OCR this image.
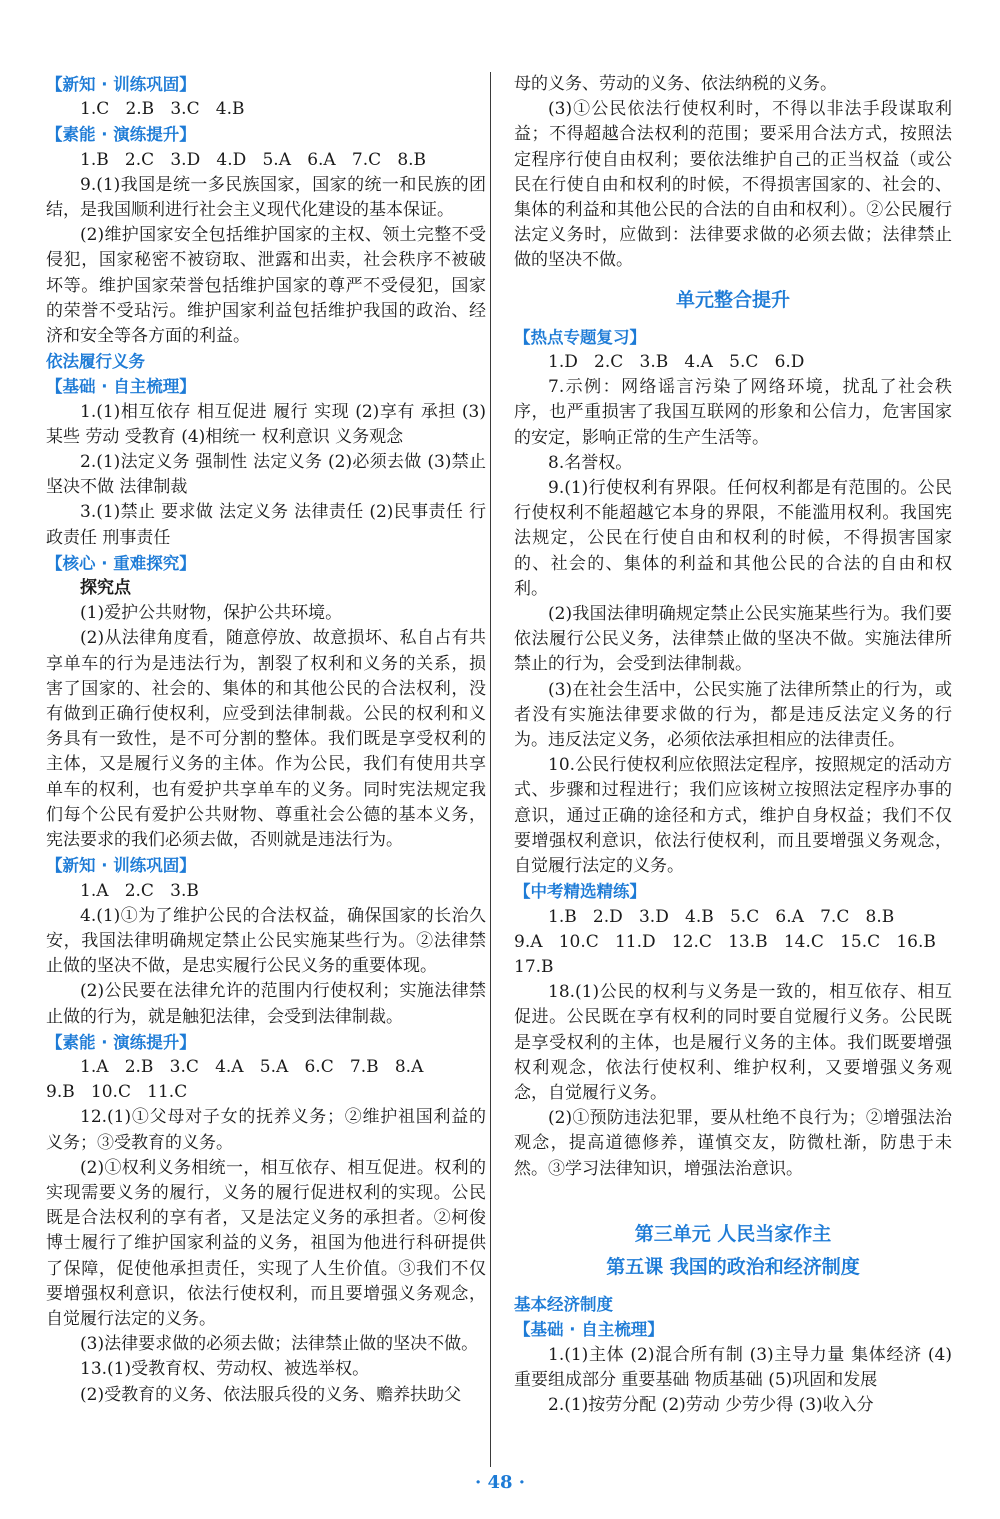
【新知 · 训练巩固】
1.C   2.B   3.C   4.B
【素能 · 演练提升】
1.B   2.C   3.D   4.D   5.A   6.A   7.C   8.B
9.(1)我国是统一多民族国家，国家的统一和民族的团结，是我国顺利进行社会主义现代化建设的基本保证。
(2)维护国家安全包括维护国家的主权、领土完整不受侵犯，国家秘密不被窃取、泄露和出卖，社会秩序不被破坏等。维护国家荣誉包括维护国家的尊严不受侵犯，国家的荣誉不受玷污。维护国家利益包括维护我国的政治、经济和安全等各方面的利益。
依法履行义务
【基础 · 自主梳理】
1.(1)相互依存 相互促进 履行 实现 (2)享有 承担 (3)某些 劳动 受教育 (4)相统一 权利意识 义务观念
2.(1)法定义务 强制性 法定义务 (2)必须去做 (3)禁止 坚决不做 法律制裁
3.(1)禁止 要求做 法定义务 法律责任 (2)民事责任 行政责任 刑事责任
【核心 · 重难探究】
探究点
(1)爱护公共财物，保护公共环境。
(2)从法律角度看，随意停放、故意损坏、私自占有共享单车的行为是违法行为，割裂了权利和义务的关系，损害了国家的、社会的、集体的和其他公民的合法权利，没有做到正确行使权利，应受到法律制裁。公民的权利和义务具有一致性，是不可分割的整体。我们既是享受权利的主体，又是履行义务的主体。作为公民，我们有使用共享单车的权利，也有爱护共享单车的义务。同时宪法规定我们每个公民有爱护公共财物、尊重社会公德的基本义务，宪法要求的我们必须去做，否则就是违法行为。
【新知 · 训练巩固】
1.A   2.C   3.B
4.(1)①为了维护公民的合法权益，确保国家的长治久安，我国法律明确规定禁止公民实施某些行为。②法律禁止做的坚决不做，是忠实履行公民义务的重要体现。
(2)公民要在法律允许的范围内行使权利；实施法律禁止做的行为，就是触犯法律，会受到法律制裁。
【素能 · 演练提升】
1.A   2.B   3.C   4.A   5.A   6.C   7.B   8.A
9.B   10.C   11.C
12.(1)①父母对子女的抚养义务；②维护祖国利益的义务；③受教育的义务。
(2)①权利义务相统一，相互依存、相互促进。权利的实现需要义务的履行，义务的履行促进权利的实现。公民既是合法权利的享有者，又是法定义务的承担者。②柯俊博士履行了维护国家利益的义务，祖国为他进行科研提供了保障，促使他承担责任，实现了人生价值。③我们不仅要增强权利意识，依法行使权利，而且要增强义务观念，自觉履行法定的义务。
(3)法律要求做的必须去做；法律禁止做的坚决不做。
13.(1)受教育权、劳动权、被选举权。
(2)受教育的义务、依法服兵役的义务、赡养扶助父
母的义务、劳动的义务、依法纳税的义务。
(3)①公民依法行使权利时，不得以非法手段谋取利益；不得超越合法权利的范围；要采用合法方式，按照法定程序行使自由权利；要依法维护自己的正当权益（或公民在行使自由和权利的时候，不得损害国家的、社会的、集体的利益和其他公民的合法的自由和权利）。②公民履行法定义务时，应做到：法律要求做的必须去做；法律禁止做的坚决不做。
单元整合提升
【热点专题复习】
1.D   2.C   3.B   4.A   5.C   6.D
7.示例：网络谣言污染了网络环境，扰乱了社会秩序，也严重损害了我国互联网的形象和公信力，危害国家的安定，影响正常的生产生活等。
8.名誉权。
9.(1)行使权利有界限。任何权利都是有范围的。公民行使权利不能超越它本身的界限，不能滥用权利。我国宪法规定，公民在行使自由和权利的时候，不得损害国家的、社会的、集体的利益和其他公民的合法的自由和权利。
(2)我国法律明确规定禁止公民实施某些行为。我们要依法履行公民义务，法律禁止做的坚决不做。实施法律所禁止的行为，会受到法律制裁。
(3)在社会生活中，公民实施了法律所禁止的行为，或者没有实施法律要求做的行为，都是违反法定义务的行为。违反法定义务，必须依法承担相应的法律责任。
10.公民行使权利应依照法定程序，按照规定的活动方式、步骤和过程进行；我们应该树立按照法定程序办事的意识，通过正确的途径和方式，维护自身权益；我们不仅要增强权利意识，依法行使权利，而且要增强义务观念，自觉履行法定的义务。
【中考精选精练】
1.B   2.D   3.D   4.B   5.C   6.A   7.C   8.B
9.A   10.C   11.D   12.C   13.B   14.C   15.C   16.B
17.B
18.(1)公民的权利与义务是一致的，相互依存、相互促进。公民既在享有权利的同时要自觉履行义务。公民既是享受权利的主体，也是履行义务的主体。我们既要增强权利观念，依法行使权利、维护权利，又要增强义务观念，自觉履行义务。
(2)①预防违法犯罪，要从杜绝不良行为；②增强法治观念，提高道德修养，谨慎交友，防微杜渐，防患于未然。③学习法律知识，增强法治意识。
第三单元 人民当家作主
第五课 我国的政治和经济制度
基本经济制度
【基础 · 自主梳理】
1.(1)主体 (2)混合所有制 (3)主导力量 集体经济 (4)重要组成部分 重要基础 物质基础 (5)巩固和发展
2.(1)按劳分配 (2)劳动 少劳少得 (3)收入分
· 48 ·
